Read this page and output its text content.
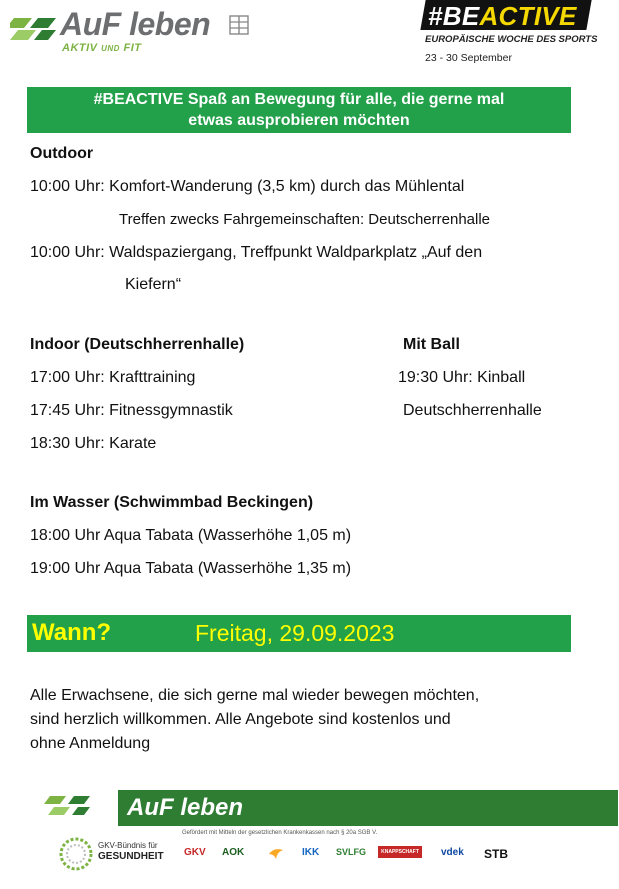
AuF leben
AKTIV UND FIT
#BEACTIVE
EUROPÄISCHE WOCHE DES SPORTS
23 - 30 September
#BEACTIVE Spaß an Bewegung für alle, die gerne mal
etwas ausprobieren möchten
Outdoor
10:00 Uhr: Komfort-Wanderung (3,5 km) durch das Mühlental
Treffen zwecks Fahrgemeinschaften: Deutscherrenhalle
10:00 Uhr: Waldspaziergang, Treffpunkt Waldparkplatz „Auf den
Kiefern“
Indoor (Deutschherrenhalle)
17:00 Uhr: Krafttraining
17:45 Uhr: Fitnessgymnastik
18:30 Uhr: Karate
Mit Ball
19:30 Uhr: Kinball
Deutschherrenhalle
Im Wasser (Schwimmbad Beckingen)
18:00 Uhr Aqua Tabata (Wasserhöhe 1,05 m)
19:00 Uhr Aqua Tabata (Wasserhöhe 1,35 m)
Wann?	Freitag, 29.09.2023
Alle Erwachsene, die sich gerne mal wieder bewegen möchten,
sind herzlich willkommen. Alle Angebote sind kostenlos und
ohne Anmeldung
AuF leben
Gefördert mit Mitteln der gesetzlichen Krankenkassen nach § 20a SGB V.
GKV-Bündnis für
GESUNDHEIT GKV AOK	IKK SVLFG	KNAPPSCHAFT	vdek STB
